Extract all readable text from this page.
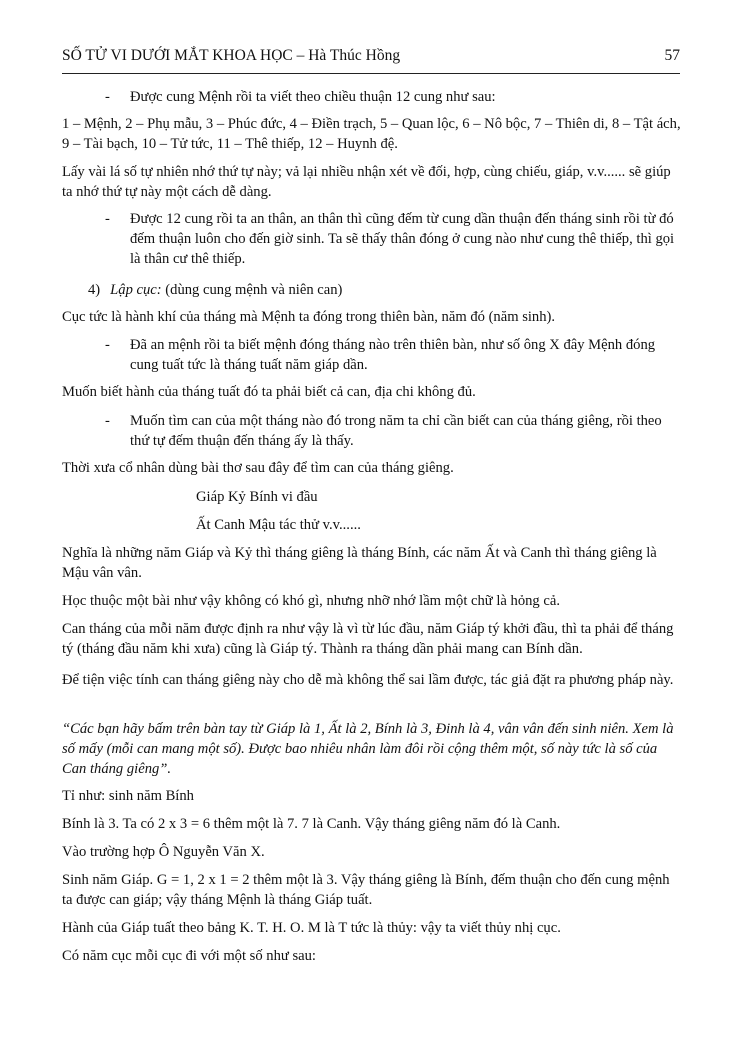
SỐ TỬ VI DƯỚI MẮT KHOA HỌC – Hà Thúc Hồng	57
- Được cung Mệnh rồi ta viết theo chiều thuận 12 cung như sau:
1 – Mệnh, 2 – Phụ mẫu, 3 – Phúc đức, 4 – Điền trạch, 5 – Quan lộc, 6 – Nô bộc, 7 – Thiên di, 8 – Tật ách, 9 – Tài bạch, 10 – Tử tức, 11 – Thê thiếp, 12 – Huynh đệ.
Lấy vài lá số tự nhiên nhớ thứ tự này; vả lại nhiều nhận xét về đối, hợp, cùng chiếu, giáp, v.v...... sẽ giúp ta nhớ thứ tự này một cách dễ dàng.
- Được 12 cung rồi ta an thân, an thân thì cũng đếm từ cung dần thuận đến tháng sinh rồi từ đó đếm thuận luôn cho đến giờ sinh. Ta sẽ thấy thân đóng ở cung nào như cung thê thiếp, thì gọi là thân cư thê thiếp.
4) Lập cục: (dùng cung mệnh và niên can)
Cục tức là hành khí của tháng mà Mệnh ta đóng trong thiên bàn, năm đó (năm sinh).
- Đã an mệnh rồi ta biết mệnh đóng tháng nào trên thiên bàn, như số ông X đây Mệnh đóng cung tuất tức là tháng tuất năm giáp dần.
Muốn biết hành của tháng tuất đó ta phải biết cả can, địa chi không đủ.
- Muốn tìm can của một tháng nào đó trong năm ta chỉ cần biết can của tháng giêng, rồi theo thứ tự đếm thuận đến tháng ấy là thấy.
Thời xưa cổ nhân dùng bài thơ sau đây để tìm can của tháng giêng.
Giáp Kỷ Bính vi đầu
Ất Canh Mậu tác thử v.v......
Nghĩa là những năm Giáp và Kỷ thì tháng giêng là tháng Bính, các năm Ất và Canh thì tháng giêng là Mậu vân vân.
Học thuộc một bài như vậy không có khó gì, nhưng nhỡ nhớ lầm một chữ là hỏng cả.
Can tháng của mỗi năm được định ra như vậy là vì từ lúc đầu, năm Giáp tý khởi đầu, thì ta phải để tháng tý (tháng đầu năm khi xưa) cũng là Giáp tý. Thành ra tháng dần phải mang can Bính dần.
Để tiện việc tính can tháng giêng này cho dễ mà không thể sai lầm được, tác giả đặt ra phương pháp này.
“Các bạn hãy bấm trên bàn tay từ Giáp là 1, Ất là 2, Bính là 3, Đinh là 4, vân vân đến sinh niên. Xem là số mấy (mỗi can mang một số). Được bao nhiêu nhân làm đôi rồi cộng thêm một, số này tức là số của Can tháng giêng”.
Tỉ như: sinh năm Bính
Bính là 3. Ta có 2 x 3 = 6 thêm một là 7. 7 là Canh. Vậy tháng giêng năm đó là Canh.
Vào trường hợp Ô Nguyễn Văn X.
Sinh năm Giáp. G = 1, 2 x 1 = 2 thêm một là 3. Vậy tháng giêng là Bính, đếm thuận cho đến cung mệnh ta được can giáp; vậy tháng Mệnh là tháng Giáp tuất.
Hành của Giáp tuất theo bảng K. T. H. O. M là T tức là thủy: vậy ta viết thủy nhị cục.
Có năm cục mỗi cục đi với một số như sau:
